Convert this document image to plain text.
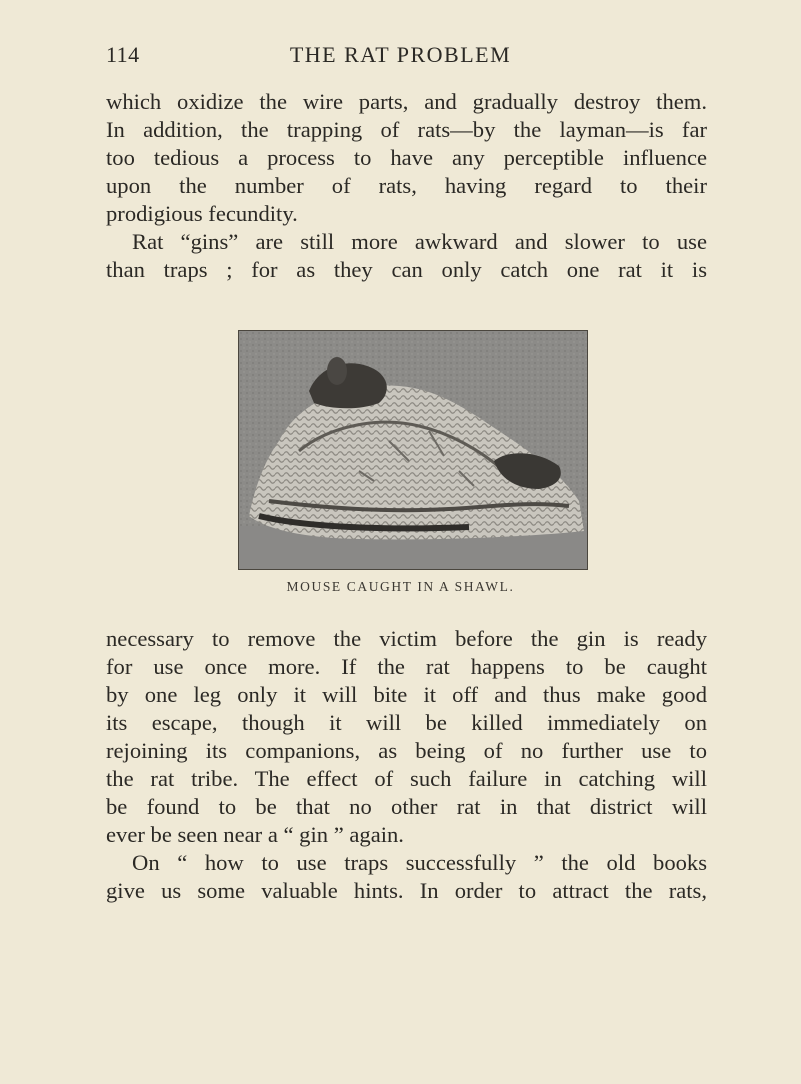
114	THE RAT PROBLEM
which oxidize the wire parts, and gradually destroy them.
In addition, the trapping of rats—by the layman—is far
too tedious a process to have any perceptible influence
upon the number of rats, having regard to their
prodigious fecundity.
Rat “gins” are still more awkward and slower to use
than traps ; for as they can only catch one rat it is
MOUSE CAUGHT IN A SHAWL.
necessary to remove the victim before the gin is ready
for use once more. If the rat happens to be caught
by one leg only it will bite it off and thus make good
its escape, though it will be killed immediately on
rejoining its companions, as being of no further use to
the rat tribe. The effect of such failure in catching will
be found to be that no other rat in that district will
ever be seen near a “ gin ” again.
On “ how to use traps successfully ” the old books
give us some valuable hints. In order to attract the rats,
